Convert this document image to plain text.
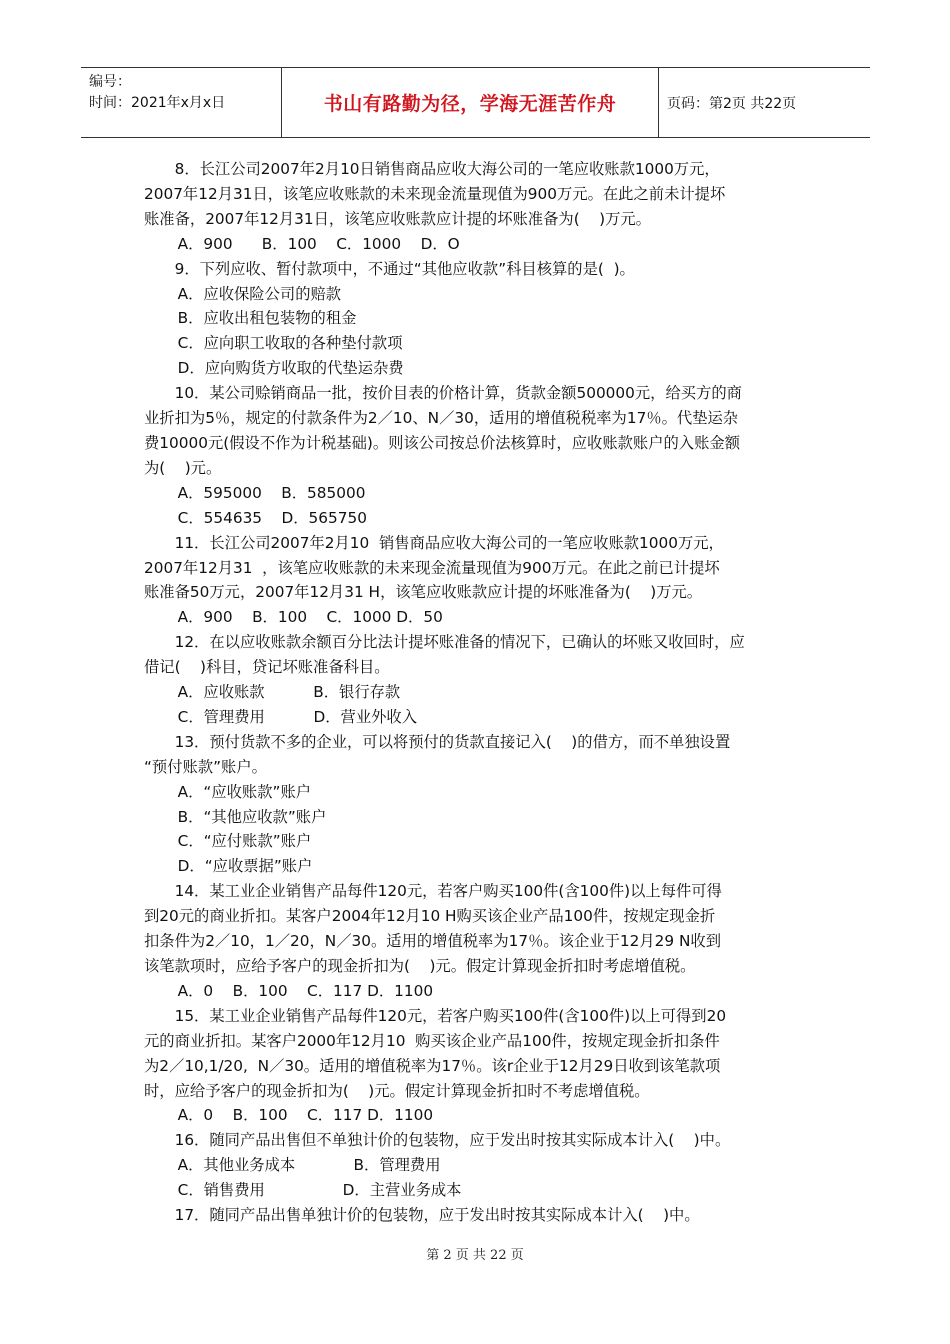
编号：
时间：2021年x月x日	书山有路勤为径，学海无涯苦作舟	页码：第2页 共22页

8．长江公司2007年2月10日销售商品应收大海公司的一笔应收账款1000万元，

2007年12月31日，该笔应收账款的未来现金流量现值为900万元。在此之前未计提坏

账准备，2007年12月31日，该笔应收账款应计提的坏账准备为(    )万元。

A．900      B．100    C．1000    D．O

9．下列应收、暂付款项中，不通过“其他应收款”科目核算的是(  )。

A．应收保险公司的赔款

B．应收出租包装物的租金

C．应向职工收取的各种垫付款项

D．应向购货方收取的代垫运杂费

10．某公司赊销商品一批，按价目表的价格计算，货款金额500000元，给买方的商

业折扣为5％，规定的付款条件为2／10、N／30，适用的增值税税率为17％。代垫运杂

费10000元(假设不作为计税基础)。则该公司按总价法核算时，应收账款账户的入账金额

为(    )元。

A．595000    B．585000

C．554635    D．565750

11．长江公司2007年2月10  销售商品应收大海公司的一笔应收账款1000万元，

2007年12月31  ，该笔应收账款的未来现金流量现值为900万元。在此之前已计提坏

账准备50万元，2007年12月31 H，该笔应收账款应计提的坏账准备为(    )万元。

A．900    B．100    C．1000 D．50

12．在以应收账款余额百分比法计提坏账准备的情况下，已确认的坏账又收回时，应

借记(    )科目，贷记坏账准备科目。

A．应收账款          B．银行存款

C．管理费用          D．营业外收入

13．预付货款不多的企业，可以将预付的货款直接记入(    )的借方，而不单独设置

“预付账款”账户。

A．“应收账款”账户

B．“其他应收款”账户

C．“应付账款”账户

D．“应收票据”账户

14．某工业企业销售产品每件120元，若客户购买100件(含100件)以上每件可得

到20元的商业折扣。某客户2004年12月10 H购买该企业产品100件，按规定现金折

扣条件为2／10，1／20，N／30。适用的增值税率为17％。该企业于12月29 N收到

该笔款项时，应给予客户的现金折扣为(    )元。假定计算现金折扣时考虑增值税。

A．0    B．100    C．117 D．1100

15．某工业企业销售产品每件120元，若客户购买100件(含100件)以上可得到20

元的商业折扣。某客户2000年12月10  购买该企业产品100件，按规定现金折扣条件

为2／10,1/20,  N／30。适用的增值税率为17％。该r企业于12月29日收到该笔款项

时，应给予客户的现金折扣为(    )元。假定计算现金折扣时不考虑增值税。

A．0    B．100    C．117 D．1100

16．随同产品出售但不单独计价的包装物，应于发出时按其实际成本计入(    )中。

A．其他业务成本            B．管理费用

C．销售费用                D．主营业务成本

17．随同产品出售单独计价的包装物，应于发出时按其实际成本计入(    )中。

第 2 页 共 22 页
